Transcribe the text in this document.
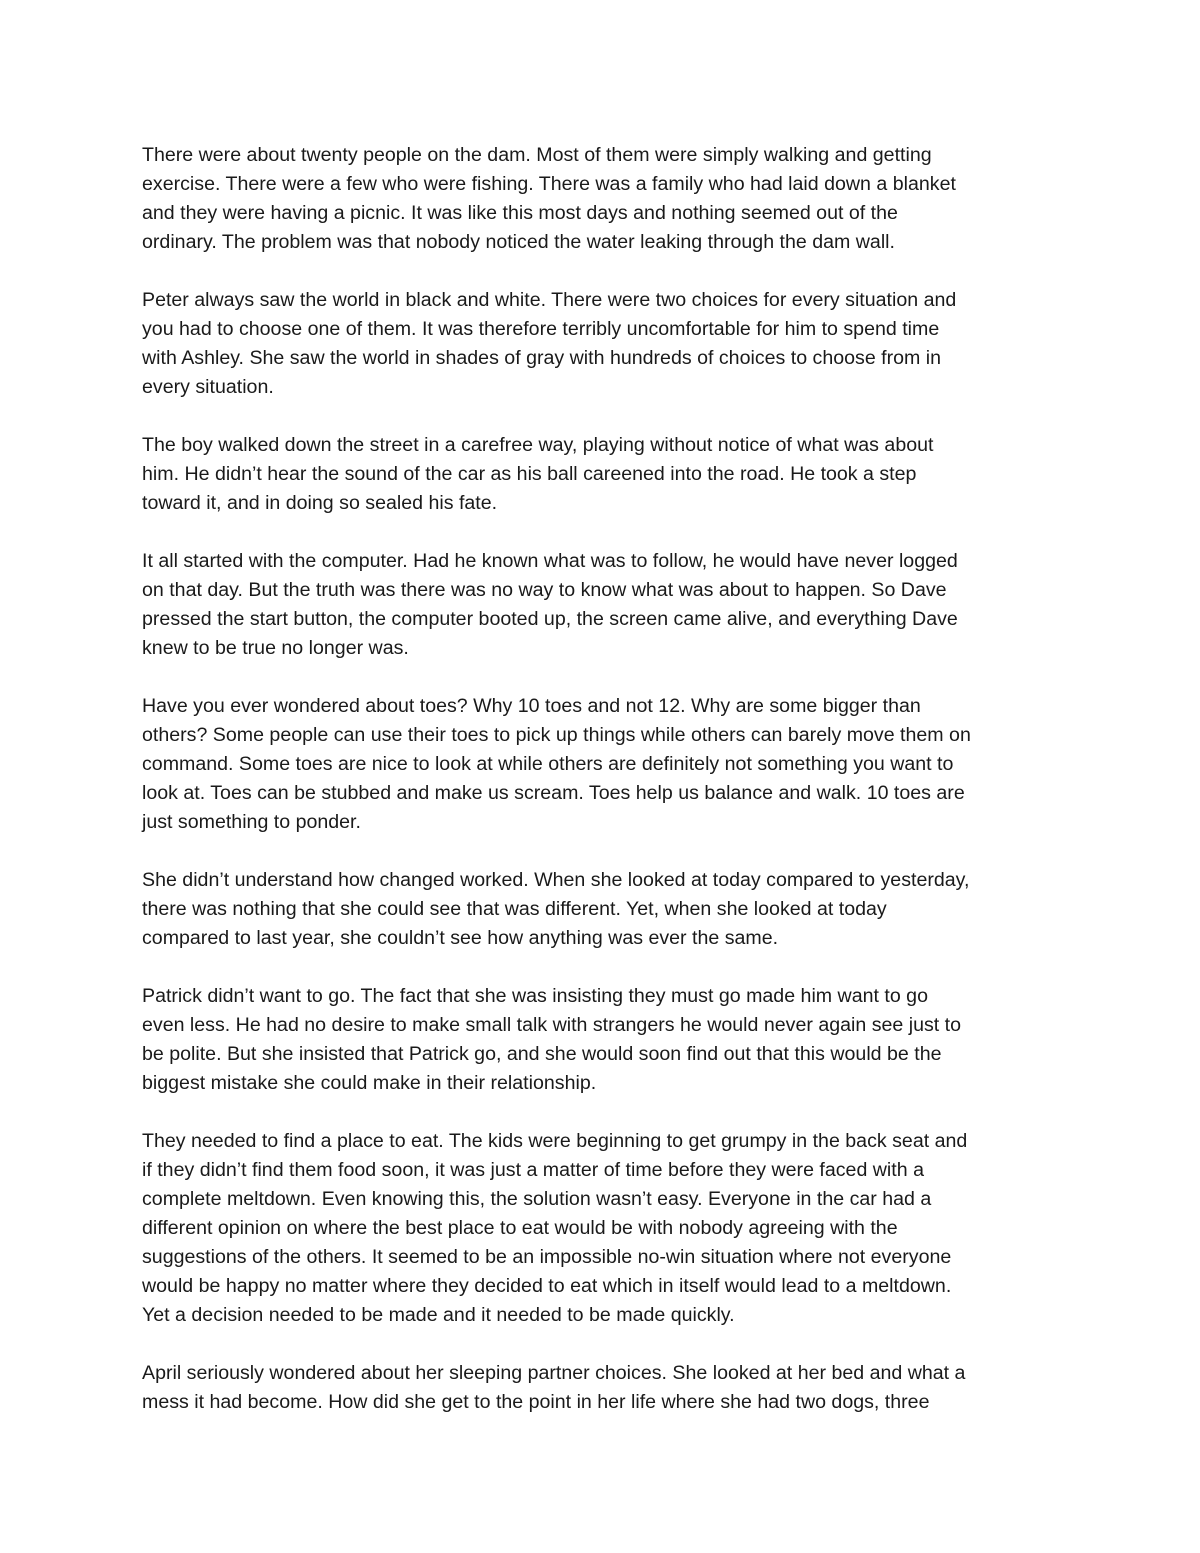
There were about twenty people on the dam. Most of them were simply walking and getting
exercise. There were a few who were fishing. There was a family who had laid down a blanket
and they were having a picnic. It was like this most days and nothing seemed out of the
ordinary. The problem was that nobody noticed the water leaking through the dam wall.

Peter always saw the world in black and white. There were two choices for every situation and
you had to choose one of them. It was therefore terribly uncomfortable for him to spend time
with Ashley. She saw the world in shades of gray with hundreds of choices to choose from in
every situation.

The boy walked down the street in a carefree way, playing without notice of what was about
him. He didn’t hear the sound of the car as his ball careened into the road. He took a step
toward it, and in doing so sealed his fate.

It all started with the computer. Had he known what was to follow, he would have never logged
on that day. But the truth was there was no way to know what was about to happen. So Dave
pressed the start button, the computer booted up, the screen came alive, and everything Dave
knew to be true no longer was.

Have you ever wondered about toes? Why 10 toes and not 12. Why are some bigger than
others? Some people can use their toes to pick up things while others can barely move them on
command. Some toes are nice to look at while others are definitely not something you want to
look at. Toes can be stubbed and make us scream. Toes help us balance and walk. 10 toes are
just something to ponder.

She didn’t understand how changed worked. When she looked at today compared to yesterday,
there was nothing that she could see that was different. Yet, when she looked at today
compared to last year, she couldn’t see how anything was ever the same.

Patrick didn’t want to go. The fact that she was insisting they must go made him want to go
even less. He had no desire to make small talk with strangers he would never again see just to
be polite. But she insisted that Patrick go, and she would soon find out that this would be the
biggest mistake she could make in their relationship.

They needed to find a place to eat. The kids were beginning to get grumpy in the back seat and
if they didn’t find them food soon, it was just a matter of time before they were faced with a
complete meltdown. Even knowing this, the solution wasn’t easy. Everyone in the car had a
different opinion on where the best place to eat would be with nobody agreeing with the
suggestions of the others. It seemed to be an impossible no-win situation where not everyone
would be happy no matter where they decided to eat which in itself would lead to a meltdown.
Yet a decision needed to be made and it needed to be made quickly.

April seriously wondered about her sleeping partner choices. She looked at her bed and what a
mess it had become. How did she get to the point in her life where she had two dogs, three
